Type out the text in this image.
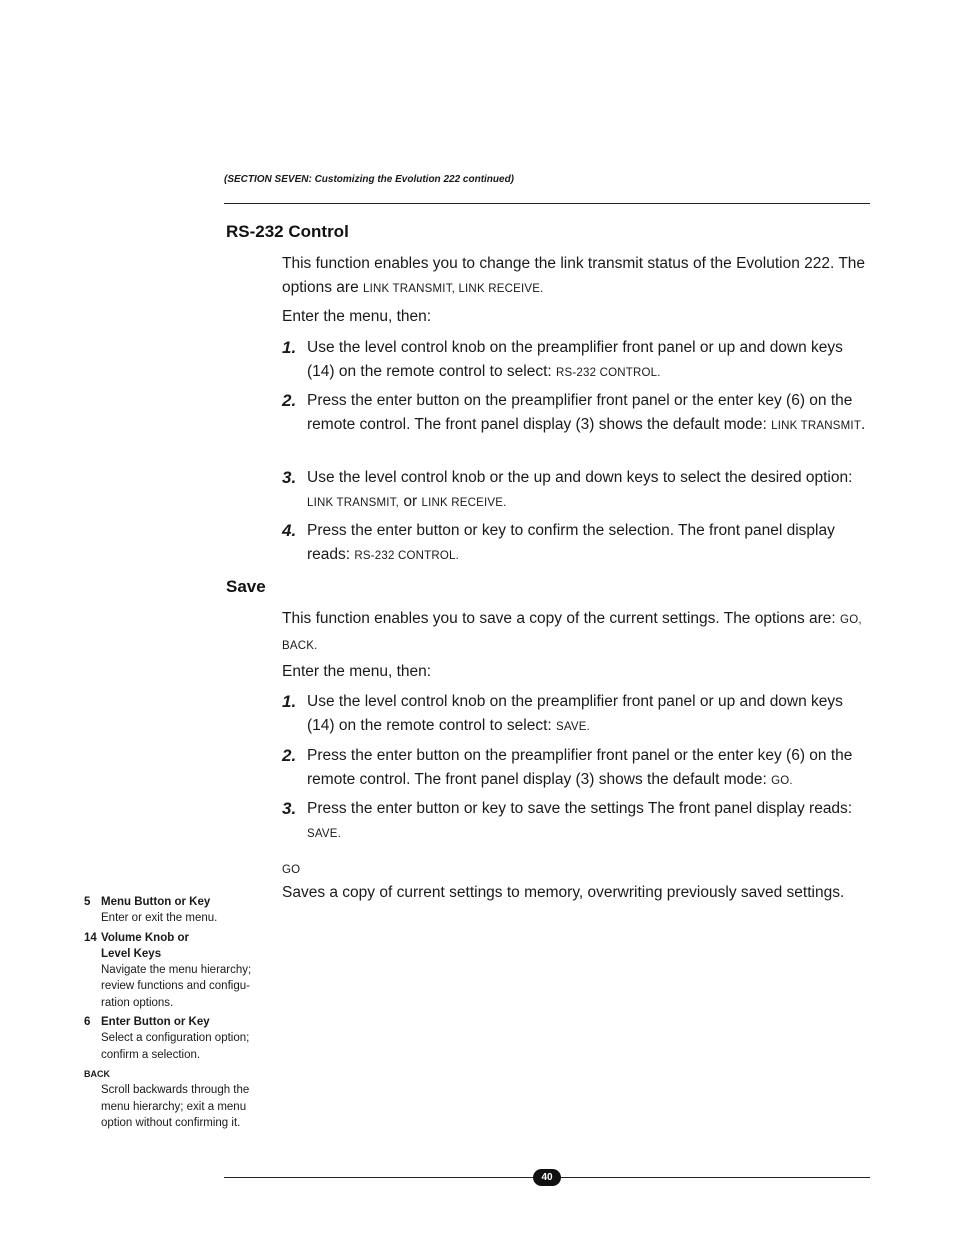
(SECTION SEVEN: Customizing the Evolution 222 continued)
RS-232 Control
This function enables you to change the link transmit status of the Evolution 222. The options are LINK TRANSMIT, LINK RECEIVE.
Enter the menu, then:
1. Use the level control knob on the preamplifier front panel or up and down keys (14) on the remote control to select: RS-232 CONTROL.
2. Press the enter button on the preamplifier front panel or the enter key (6) on the remote control. The front panel display (3) shows the default mode: LINK TRANSMIT.
3. Use the level control knob or the up and down keys to select the desired option: LINK TRANSMIT, or LINK RECEIVE.
4. Press the enter button or key to confirm the selection. The front panel display reads: RS-232 CONTROL.
Save
This function enables you to save a copy of the current settings. The options are: GO, BACK.
Enter the menu, then:
1. Use the level control knob on the preamplifier front panel or up and down keys (14) on the remote control to select: SAVE.
2. Press the enter button on the preamplifier front panel or the enter key (6) on the remote control. The front panel display (3) shows the default mode: GO.
3. Press the enter button or key to save the settings The front panel display reads: SAVE.
GO
Saves a copy of current settings to memory, overwriting previously saved settings.
5 Menu Button or Key
Enter or exit the menu.
14 Volume Knob or Level Keys
Navigate the menu hierarchy; review functions and configu-ration options.
6 Enter Button or Key
Select a configuration option; confirm a selection.
BACK
Scroll backwards through the menu hierarchy; exit a menu option without confirming it.
40
